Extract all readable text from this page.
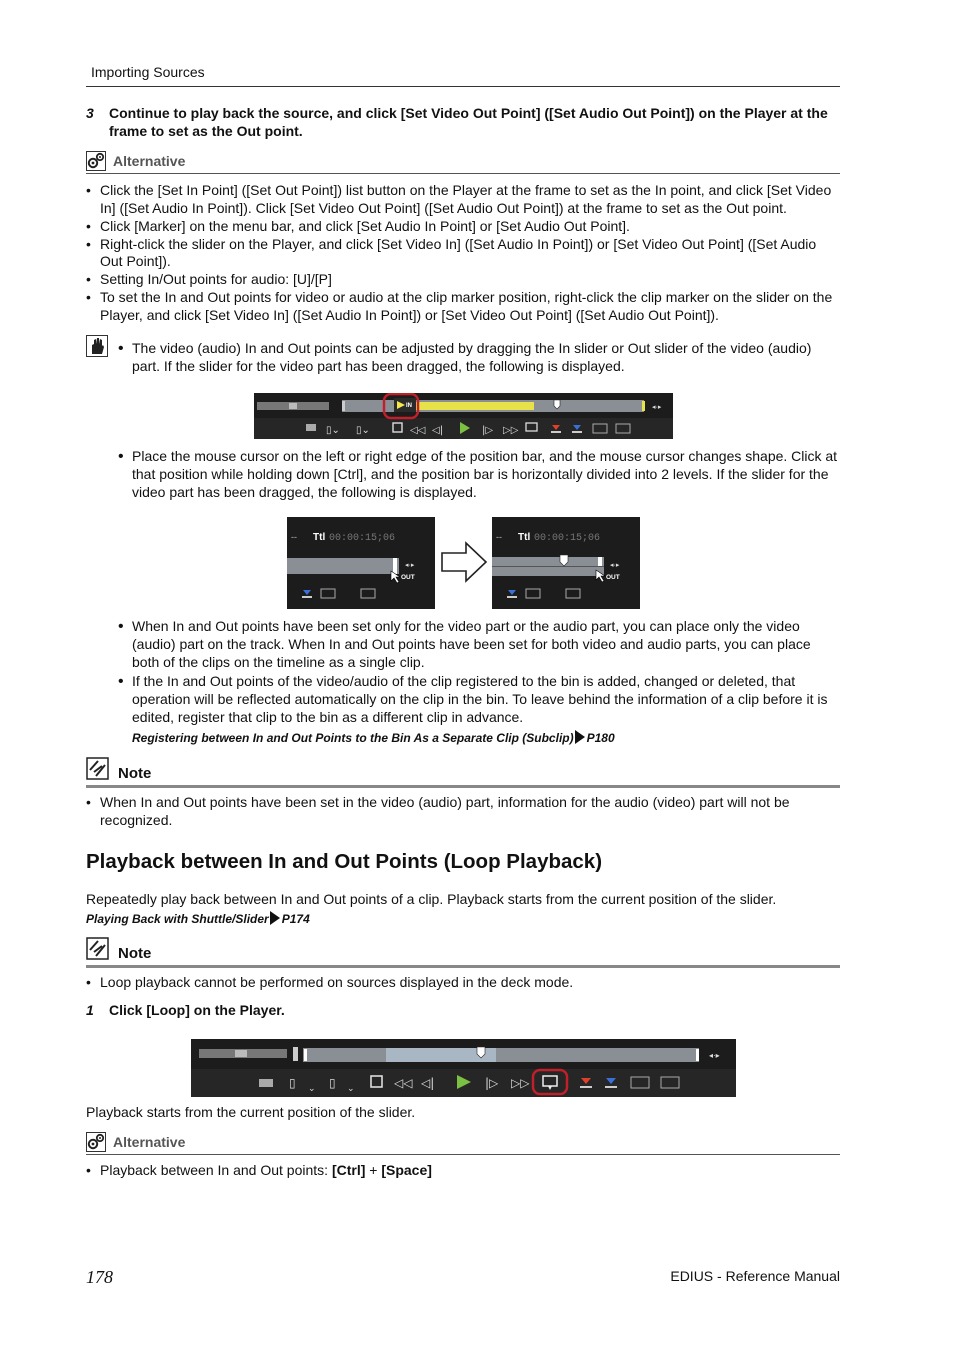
Importing Sources
3 Continue to play back the source, and click [Set Video Out Point] ([Set Audio Out Point]) on the Player at the frame to set as the Out point.
Alternative
• Click the [Set In Point] ([Set Out Point]) list button on the Player at the frame to set as the In point, and click [Set Video In] ([Set Audio In Point]). Click [Set Video Out Point] ([Set Audio Out Point]) at the frame to set as the Out point.
• Click [Marker] on the menu bar, and click [Set Audio In Point] or [Set Audio Out Point].
• Right-click the slider on the Player, and click [Set Video In] ([Set Audio In Point]) or [Set Video Out Point] ([Set Audio Out Point]).
• Setting In/Out points for audio: [U]/[P]
• To set the In and Out points for video or audio at the clip marker position, right-click the clip marker on the slider on the Player, and click [Set Video In] ([Set Audio In Point]) or [Set Video Out Point] ([Set Audio Out Point]).
• The video (audio) In and Out points can be adjusted by dragging the In slider or Out slider of the video (audio) part. If the slider for the video part has been dragged, the following is displayed.
IN	◂·▸
▯⌄ ▯⌄	◁◁ ◁|	|▷ ▷▷
• Place the mouse cursor on the left or right edge of the position bar, and the mouse cursor changes shape. Click at that position while holding down [Ctrl], and the position bar is horizontally divided into 2 levels. If the slider for the video part has been dragged, the following is displayed.
-- Ttl 00:00:15;06
OUT
◂·▸
-- Ttl 00:00:15;06
OUT
◂·▸
• When In and Out points have been set only for the video part or the audio part, you can place only the video (audio) part on the track. When In and Out points have been set for both video and audio parts, you can place both of the clips on the timeline as a single clip.
• If the In and Out points of the video/audio of the clip registered to the bin is added, changed or deleted, that operation will be reflected automatically on the clip in the bin. To leave behind the information of a clip before it is edited, register that clip to the bin as a different clip in advance.
Registering between In and Out Points to the Bin As a Separate Clip (Subclip) P180
Note
• When In and Out points have been set in the video (audio) part, information for the audio (video) part will not be recognized.
Playback between In and Out Points (Loop Playback)
Repeatedly play back between In and Out points of a clip. Playback starts from the current position of the slider.
Playing Back with Shuttle/Slider P174
Note
• Loop playback cannot be performed on sources displayed in the deck mode.
1 Click [Loop] on the Player.
◂·▸
▯ ⌄ ▯ ⌄	◁◁ ◁|	|▷ ▷▷
Playback starts from the current position of the slider.
Alternative
• Playback between In and Out points: [Ctrl] + [Space]
178	EDIUS - Reference Manual
